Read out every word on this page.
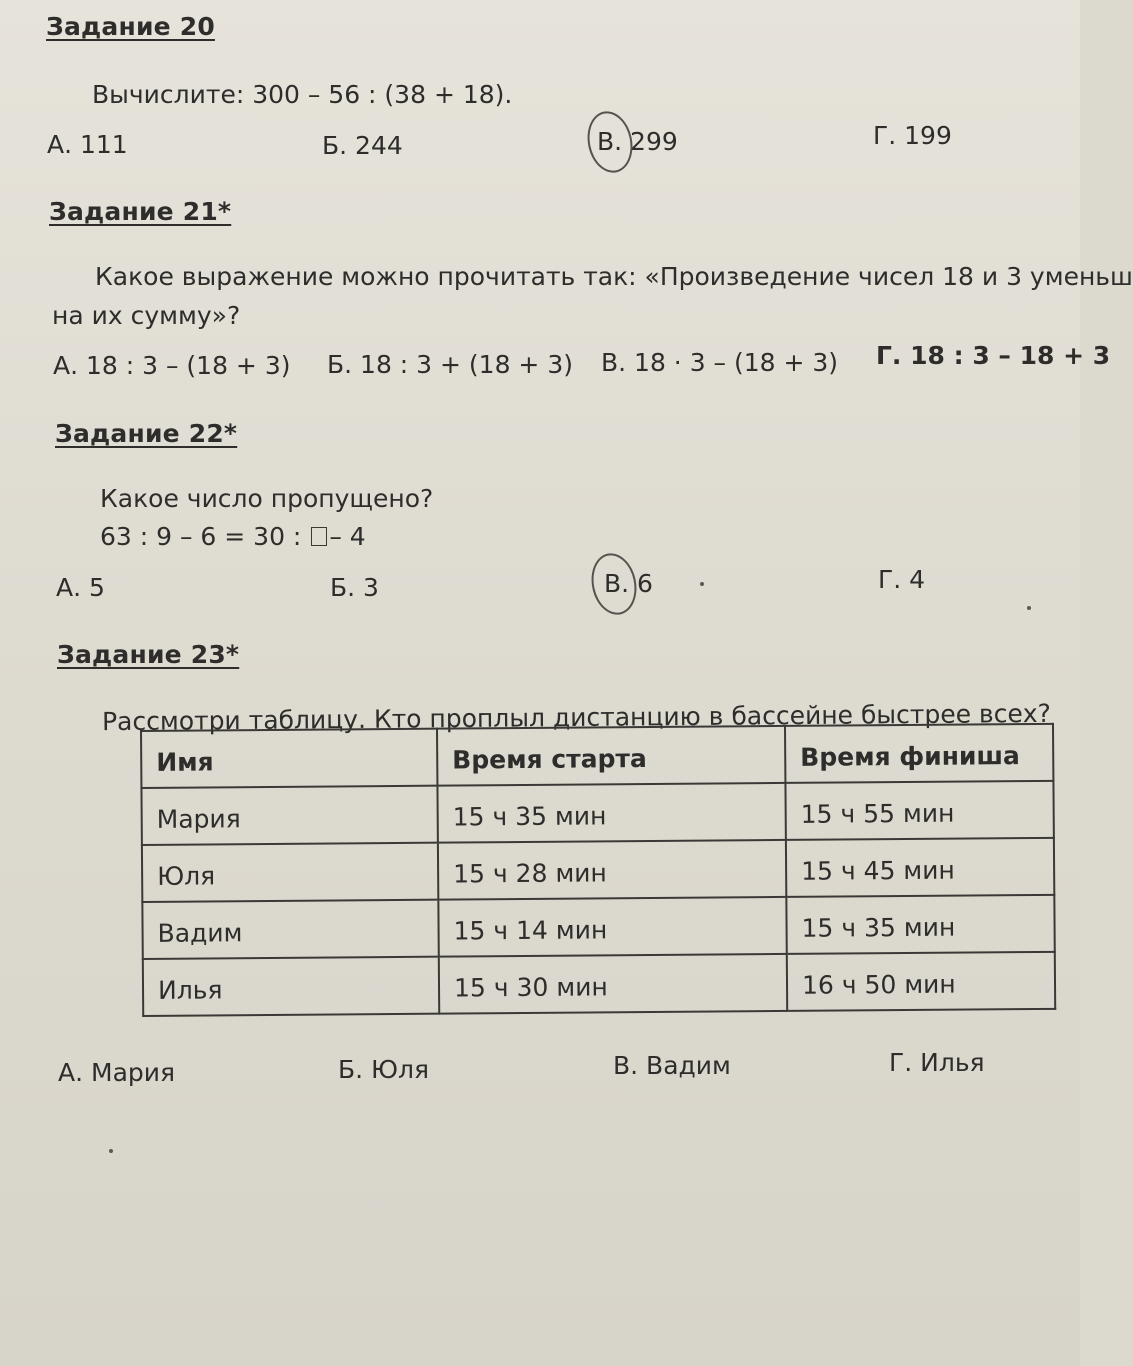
Задание 20

Вычислите: 300 – 56 : (38 + 18).

А. 111	Б. 244	В. 299	Г. 199
Задание 21*

Какое выражение можно прочитать так: «Произведение чисел 18 и 3 уменьш

на их сумму»?

А. 18 : 3 – (18 + 3) Б. 18 : 3 + (18 + 3) В. 18 · 3 – (18 + 3) Г. 18 : 3 – 18 + 3
Задание 22*

Какое число пропущено?

63 : 9 – 6 = 30 : – 4

А. 5	Б. 3	В. 6	Г. 4
Задание 23*

Рассмотри таблицу. Кто проплыл дистанцию в бассейне быстрее всех?

Имя	Время старта	Время финиша
Мария	15 ч 35 мин	15 ч 55 мин
Юля	15 ч 28 мин	15 ч 45 мин
Вадим	15 ч 14 мин	15 ч 35 мин
Илья	15 ч 30 мин	16 ч 50 мин
А. Мария	Б. Юля	В. Вадим	Г. Илья
